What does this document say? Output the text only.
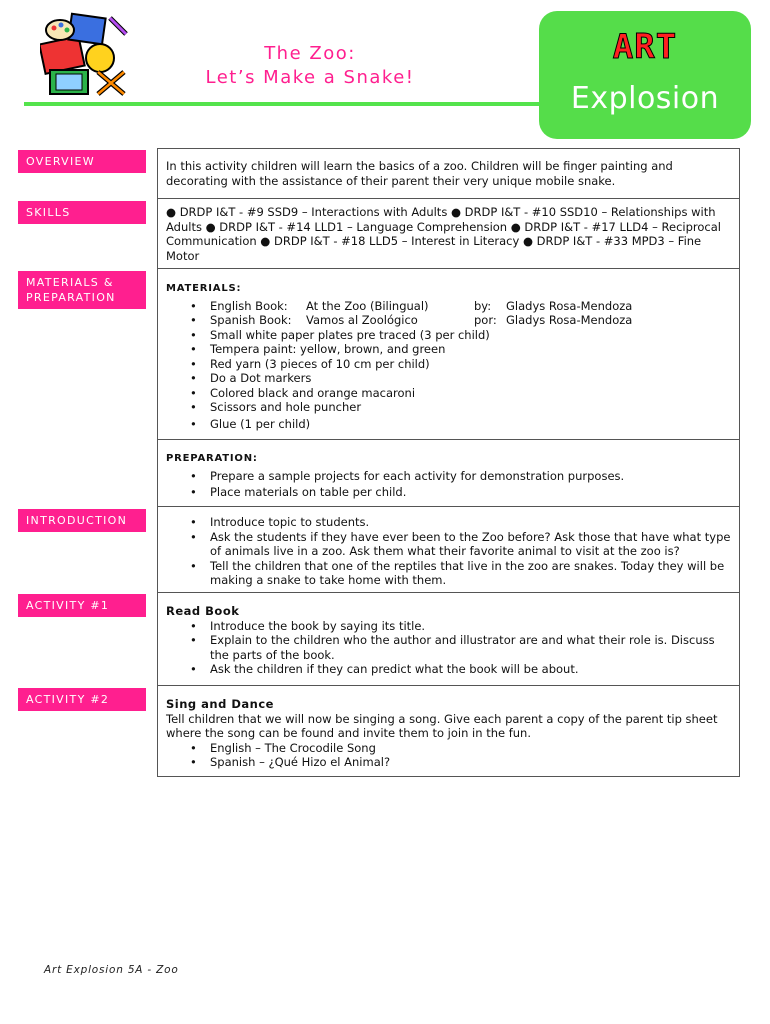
The Zoo:
Let’s Make a Snake!
ART
Explosion
OVERVIEW
SKILLS
MATERIALS &
PREPARATION
INTRODUCTION
ACTIVITY #1
ACTIVITY #2

In this activity children will learn the basics of a zoo. Children will be finger painting and decorating with the assistance of their parent their very unique mobile snake.

● DRDP I&T - #9 SSD9 – Interactions with Adults ● DRDP I&T - #10 SSD10 – Relationships with Adults ● DRDP I&T - #14 LLD1 – Language Comprehension ● DRDP I&T - #17 LLD4 – Reciprocal Communication ● DRDP I&T - #18 LLD5 – Interest in Literacy ● DRDP I&T - #33 MPD3 – Fine Motor

MATERIALS:
• English Book: At the Zoo (Bilingual)	by: Gladys Rosa-Mendoza
• Spanish Book: Vamos al Zoológico	por: Gladys Rosa-Mendoza
• Small white paper plates pre traced (3 per child)
• Tempera paint: yellow, brown, and green
• Red yarn (3 pieces of 10 cm per child)
• Do a Dot markers
• Colored black and orange macaroni
• Scissors and hole puncher
• Glue (1 per child)
PREPARATION:
• Prepare a sample projects for each activity for demonstration purposes.
• Place materials on table per child.
• Introduce topic to students.
• Ask the students if they have ever been to the Zoo before? Ask those that have what type of animals live in a zoo. Ask them what their favorite animal to visit at the zoo is?
• Tell the children that one of the reptiles that live in the zoo are snakes. Today they will be making a snake to take home with them.
Read Book
• Introduce the book by saying its title.
• Explain to the children who the author and illustrator are and what their role is. Discuss the parts of the book.
• Ask the children if they can predict what the book will be about.
Sing and Dance

Tell children that we will now be singing a song. Give each parent a copy of the parent tip sheet where the song can be found and invite them to join in the fun.

• English – The Crocodile Song
• Spanish – ¿Qué Hizo el Animal?
Art Explosion 5A - Zoo
